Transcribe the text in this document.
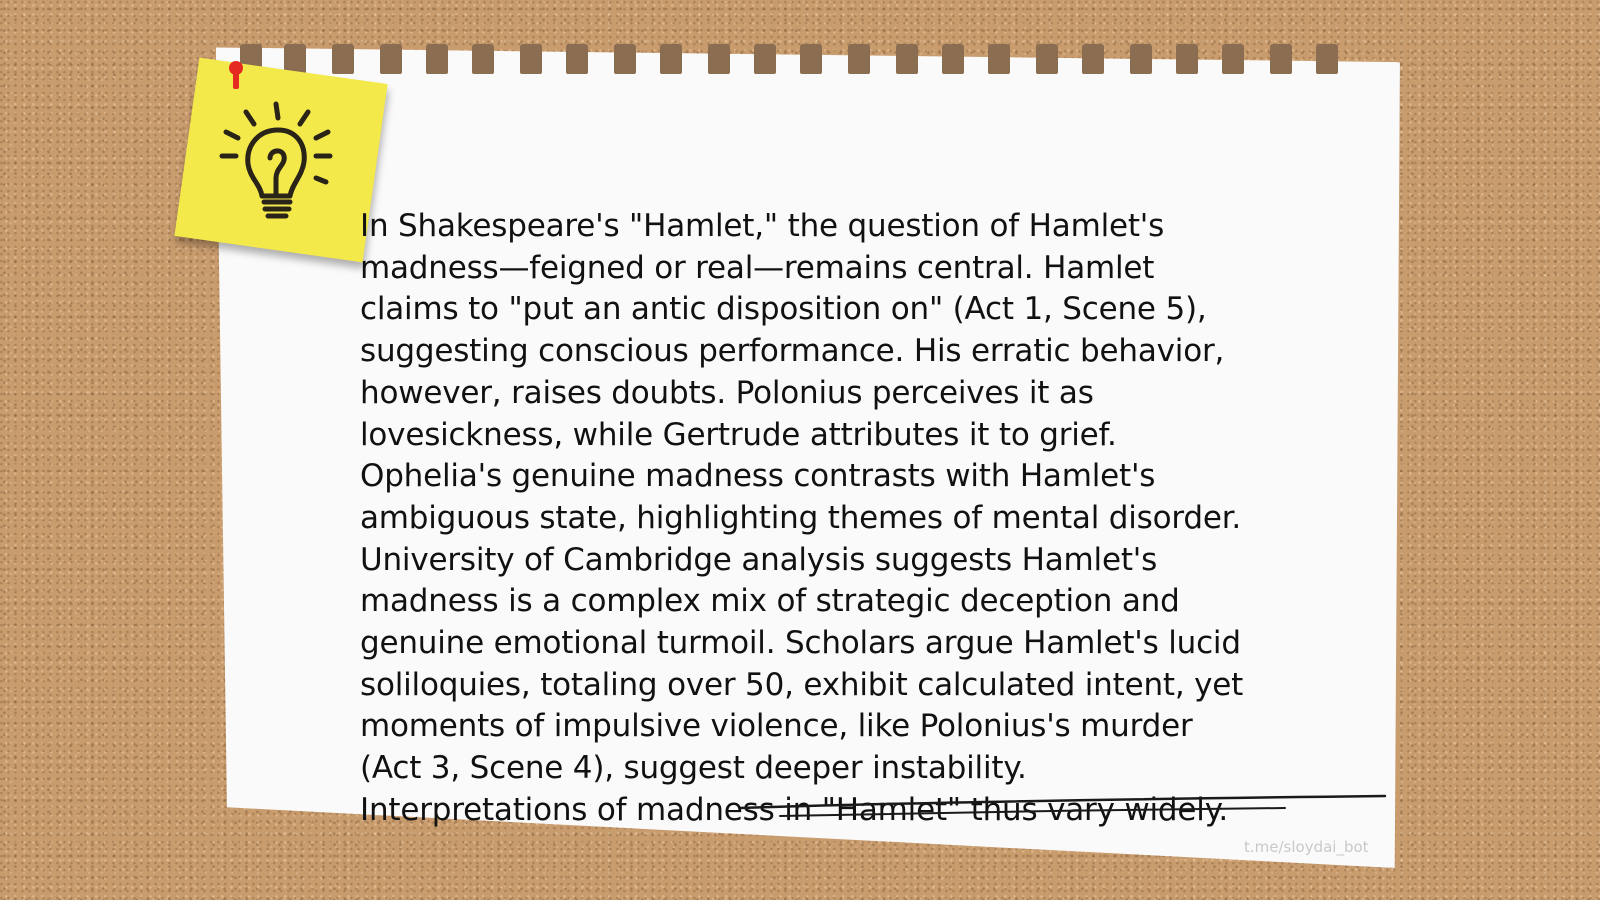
In Shakespeare's "Hamlet," the question of Hamlet's madness—feigned or real—remains central. Hamlet claims to "put an antic disposition on" (Act 1, Scene 5), suggesting conscious performance. His erratic behavior, however, raises doubts. Polonius perceives it as lovesickness, while Gertrude attributes it to grief. Ophelia's genuine madness contrasts with Hamlet's ambiguous state, highlighting themes of mental disorder. University of Cambridge analysis suggests Hamlet's madness is a complex mix of strategic deception and genuine emotional turmoil. Scholars argue Hamlet's lucid soliloquies, totaling over 50, exhibit calculated intent, yet moments of impulsive violence, like Polonius's murder (Act 3, Scene 4), suggest deeper instability. Interpretations of madness in "Hamlet" thus vary widely.

t.me/sloydai_bot
